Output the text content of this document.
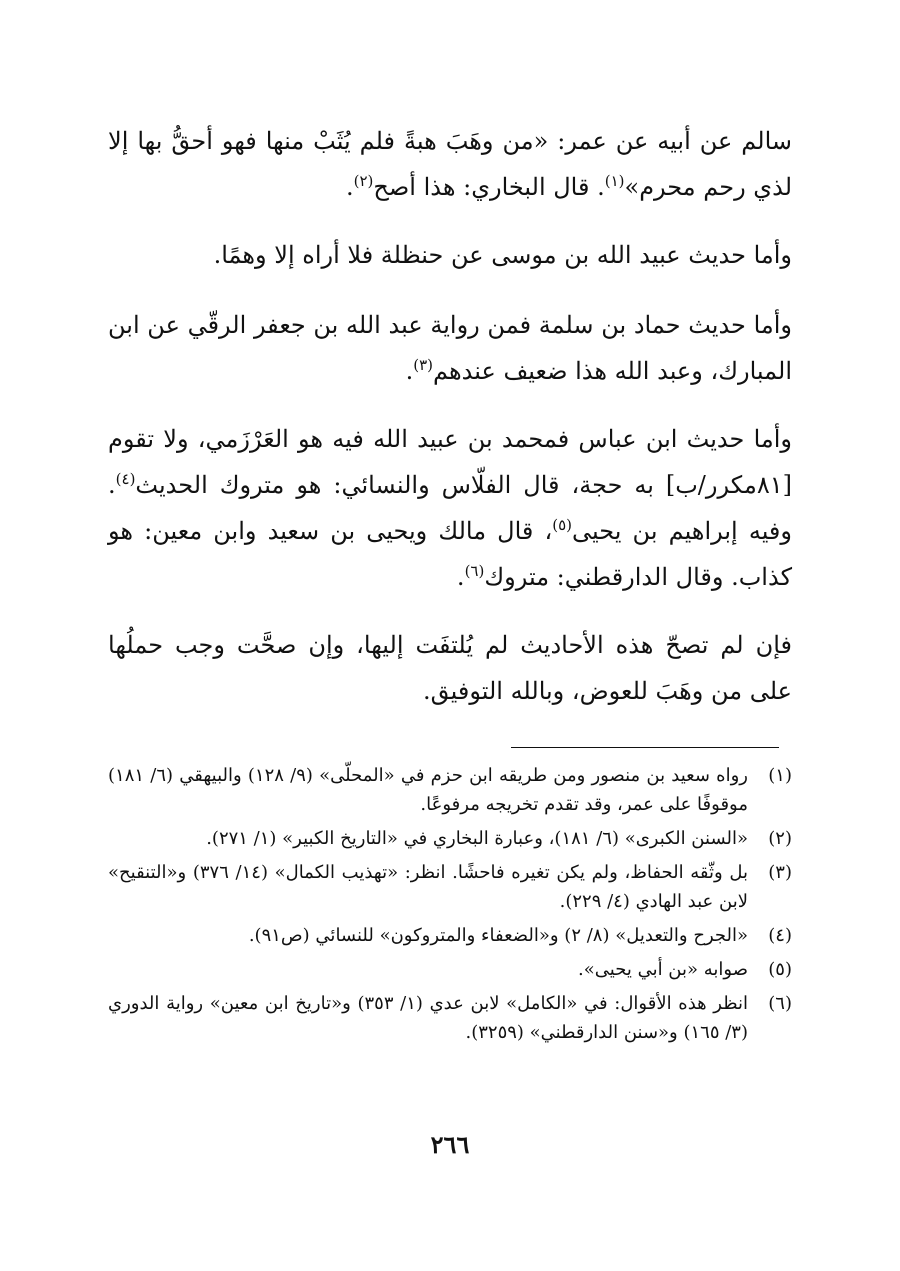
سالم عن أبيه عن عمر: «من وهَبَ هبةً فلم يُثَبْ منها فهو أحقُّ بها إلا لذي رحم محرم»$^{(١)}$. قال البخاري: هذا أصح$^{(٢)}$.

وأما حديث عبيد الله بن موسى عن حنظلة فلا أراه إلا وهمًا.

وأما حديث حماد بن سلمة فمن رواية عبد الله بن جعفر الرقّي عن ابن المبارك، وعبد الله هذا ضعيف عندهم$^{(٣)}$.

وأما حديث ابن عباس فمحمد بن عبيد الله فيه هو العَرْزَمي، ولا تقوم [٨١مكرر/ب] به حجة، قال الفلّاس والنسائي: هو متروك الحديث$^{(٤)}$. وفيه إبراهيم بن يحيى$^{(٥)}$، قال مالك ويحيى بن سعيد وابن معين: هو كذاب. وقال الدارقطني: متروك$^{(٦)}$.

فإن لم تصحّ هذه الأحاديث لم يُلتفَت إليها، وإن صحَّت وجب حملُها على من وهَبَ للعوض، وبالله التوفيق.

(١)
رواه سعيد بن منصور ومن طريقه ابن حزم في «المحلّى» (٩/ ١٢٨) والبيهقي (٦/ ١٨١) موقوفًا على عمر، وقد تقدم تخريجه مرفوعًا.
(٢)
«السنن الكبرى» (٦/ ١٨١)، وعبارة البخاري في «التاريخ الكبير» (١/ ٢٧١).
(٣)
بل وثّقه الحفاظ، ولم يكن تغيره فاحشًا. انظر: «تهذيب الكمال» (١٤/ ٣٧٦) و«التنقيح» لابن عبد الهادي (٤/ ٢٢٩).
(٤)
«الجرح والتعديل» (٨/ ٢) و«الضعفاء والمتروكون» للنسائي (ص٩١).
(٥)
صوابه «بن أبي يحيى».
(٦)
انظر هذه الأقوال: في «الكامل» لابن عدي (١/ ٣٥٣) و«تاريخ ابن معين» رواية الدوري (٣/ ١٦٥) و«سنن الدارقطني» (٣٢٥٩).
٢٦٦
